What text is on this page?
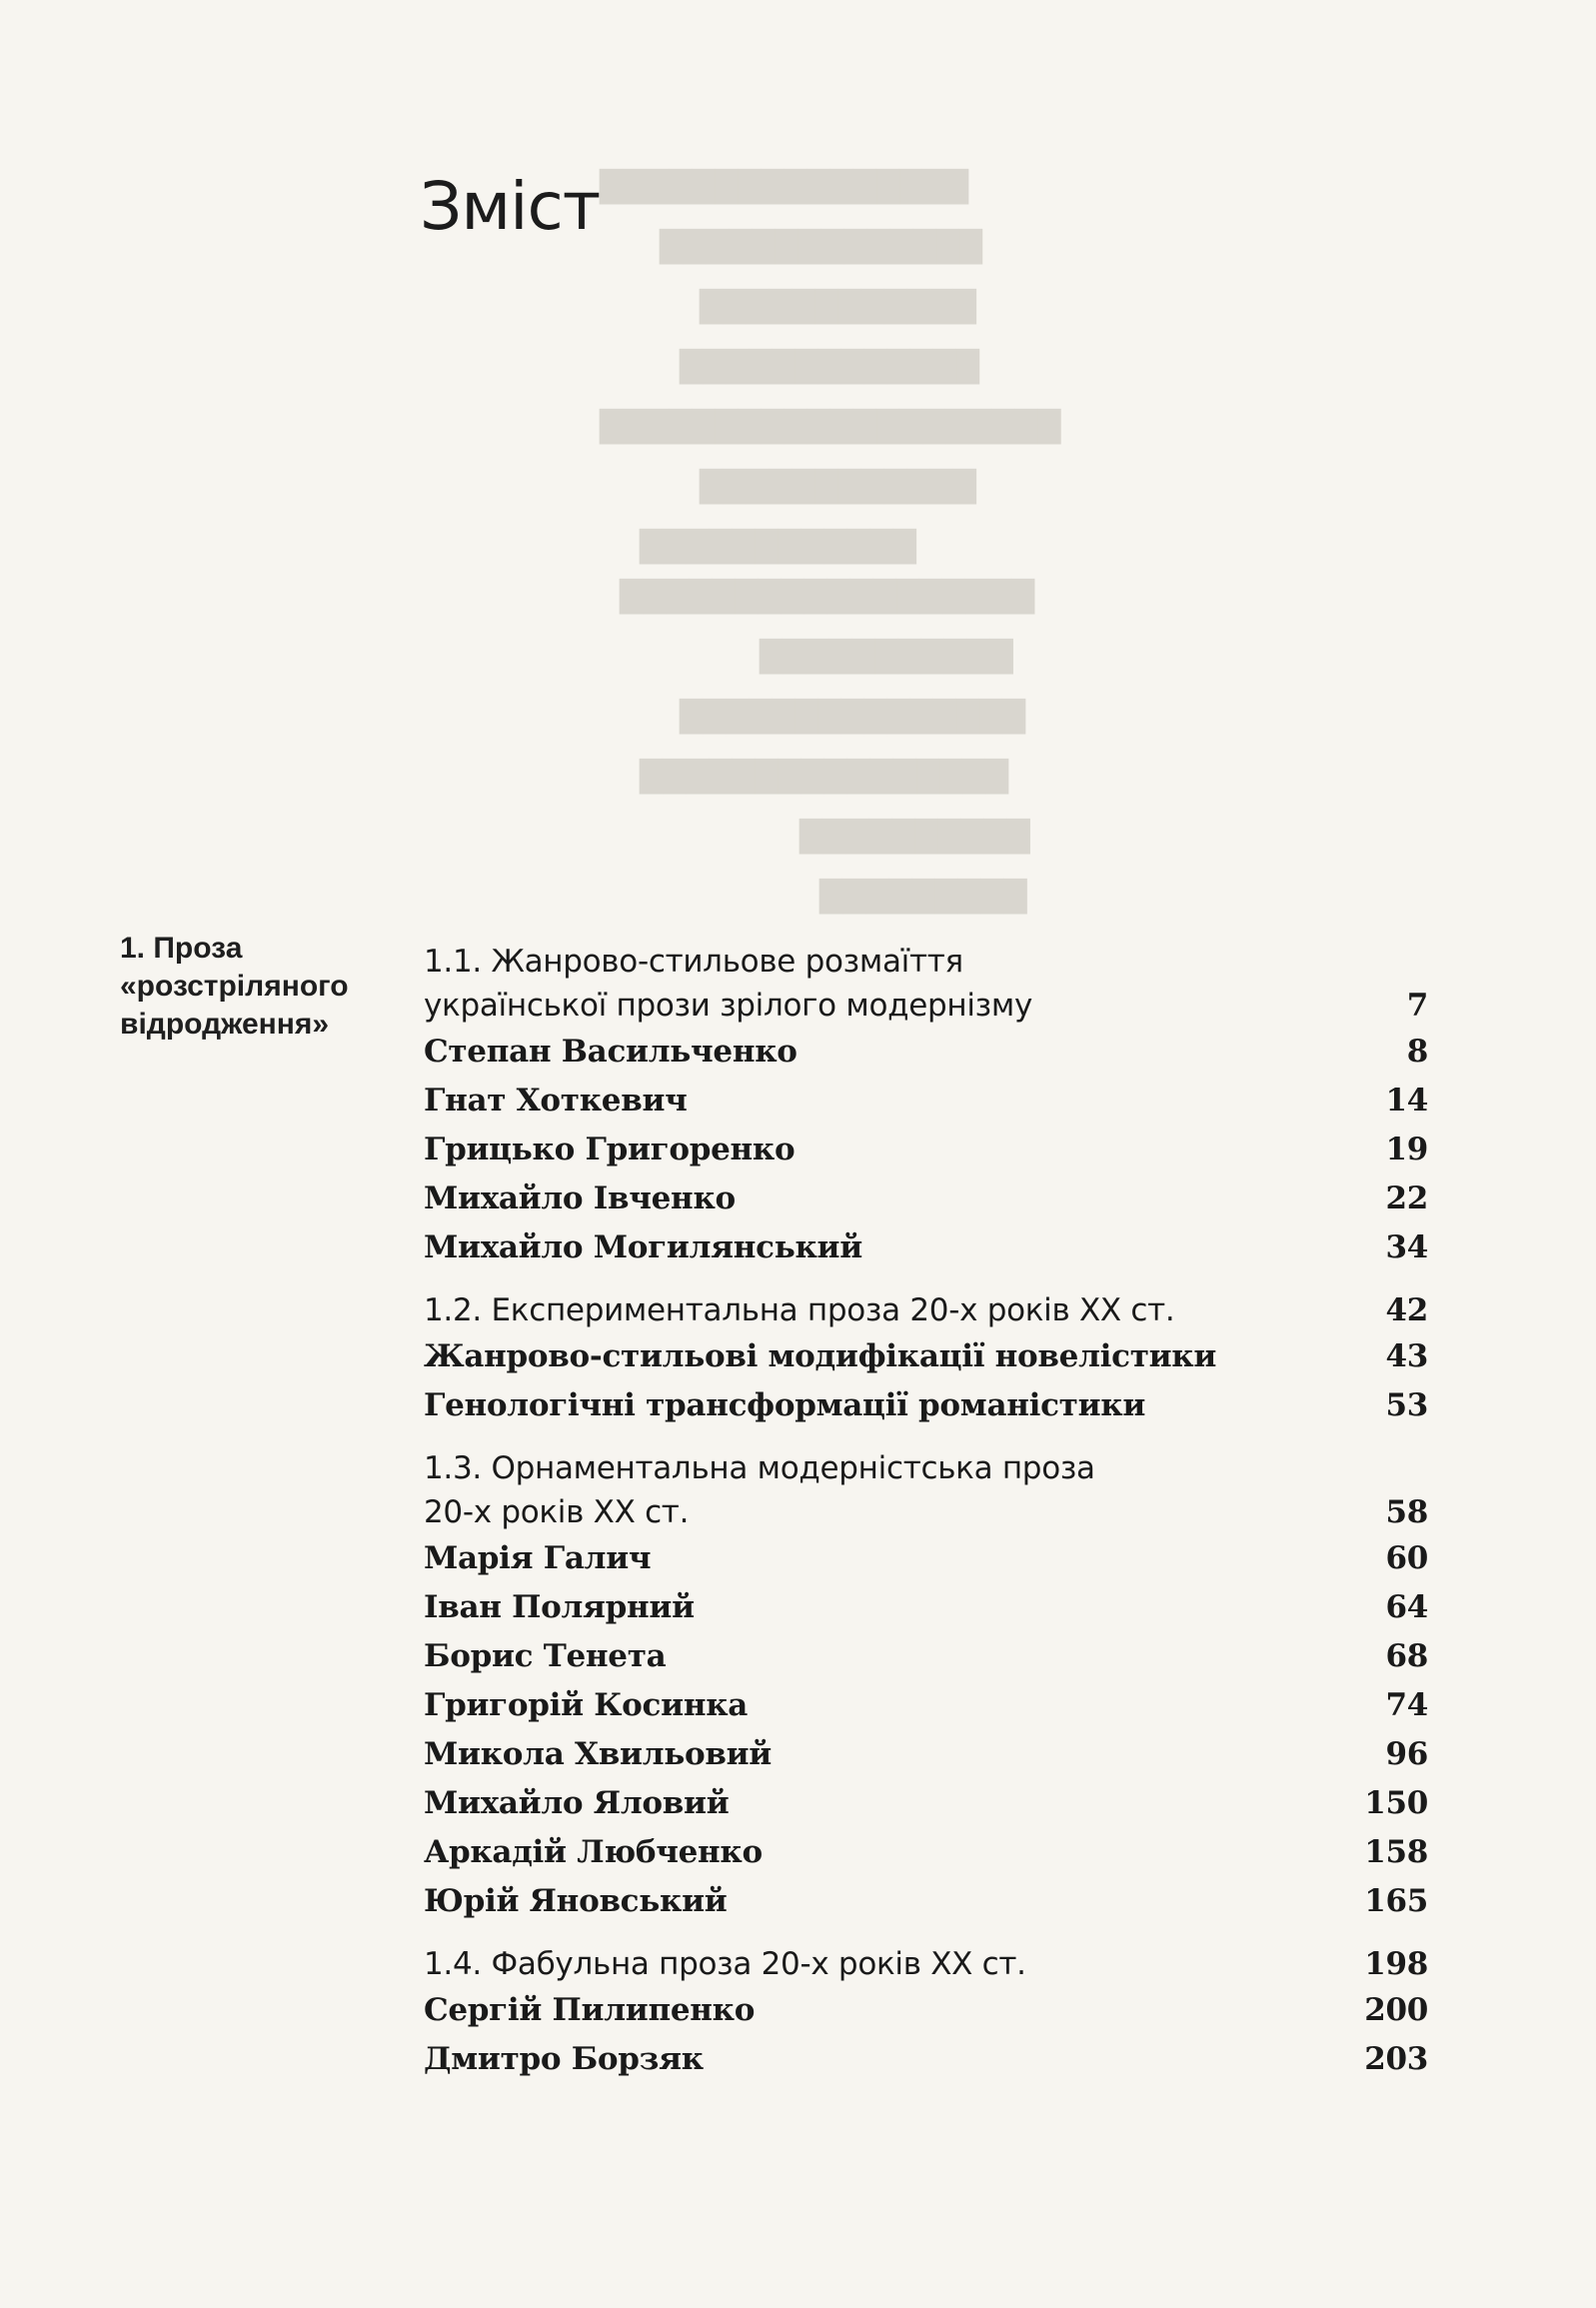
████████████████
██████████████
████████████
█████████████
████████████████████
████████████
████████████
██████████████████
███████████
███████████████
████████████████
██████████
█████████
Зміст
1. Проза
«розстріляного
відродження»
1.1. Жанрово-стильове розмаїття
української прози зрілого модернізму	7
Степан Васильченко	8
Гнат Хоткевич	14
Грицько Григоренко	19
Михайло Івченко	22
Михайло Могилянський	34
1.2. Експериментальна проза 20-х років XX ст.	42
Жанрово-стильові модифікації новелістики	43
Генологічні трансформації романістики	53
1.3. Орнаментальна модерністська проза
20-х років XX ст.	58
Марія Галич	60
Іван Полярний	64
Борис Тенета	68
Григорій Косинка	74
Микола Хвильовий	96
Михайло Яловий	150
Аркадій Любченко	158
Юрій Яновський	165
1.4. Фабульна проза 20-х років XX ст.	198
Сергій Пилипенко	200
Дмитро Борзяк	203
